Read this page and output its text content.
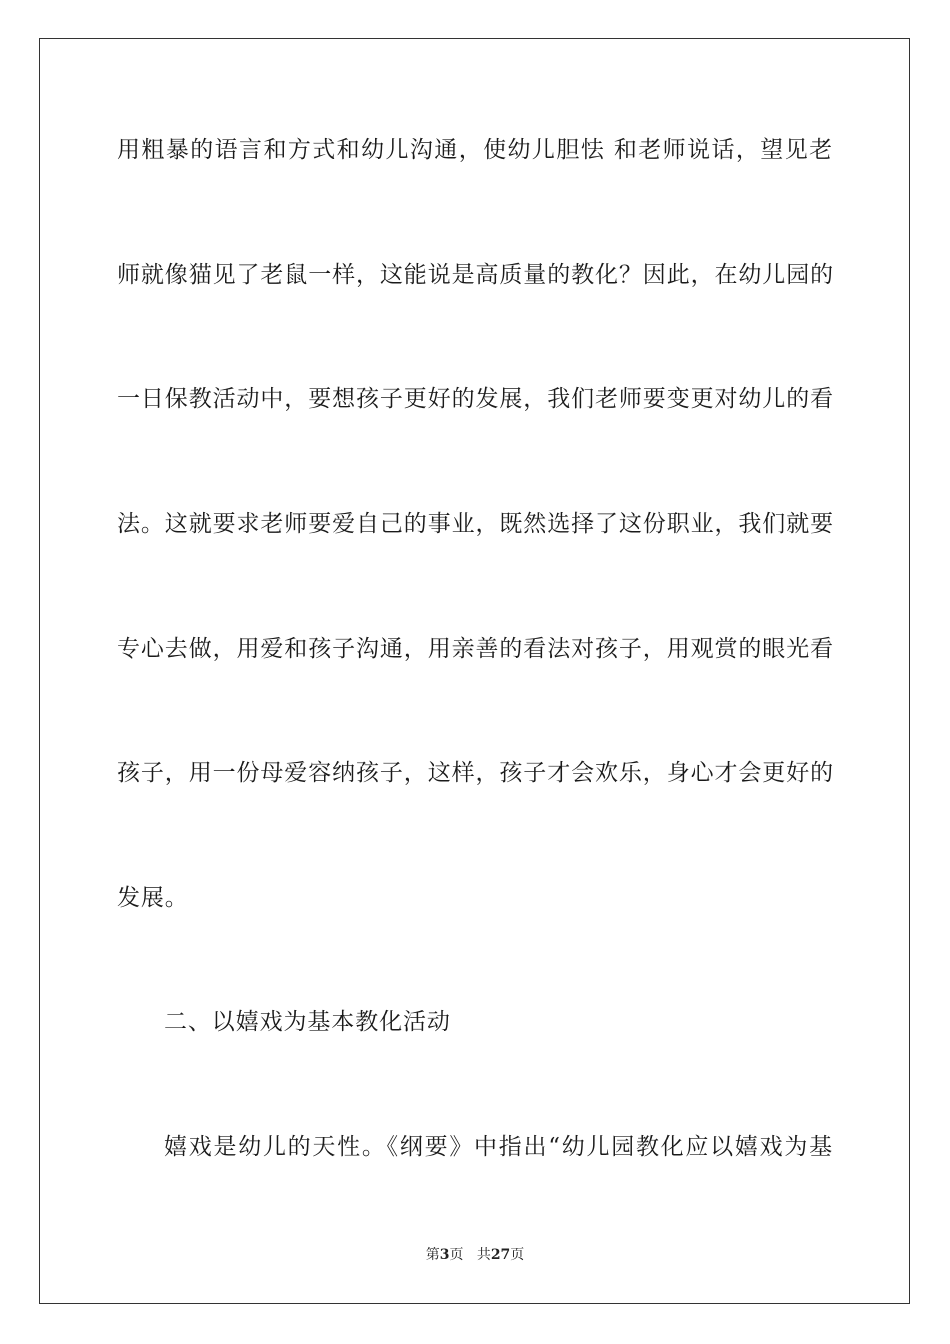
用粗暴的语言和方式和幼儿沟通，使幼儿胆怯 和老师说话，望见老
师就像猫见了老鼠一样，这能说是高质量的教化？因此，在幼儿园的
一日保教活动中，要想孩子更好的发展，我们老师要变更对幼儿的看
法。这就要求老师要爱自己的事业，既然选择了这份职业，我们就要
专心去做，用爱和孩子沟通，用亲善的看法对孩子，用观赏的眼光看
孩子，用一份母爱容纳孩子，这样，孩子才会欢乐，身心才会更好的
发展。
二、以嬉戏为基本教化活动
嬉戏是幼儿的天性。《纲要》中指出“幼儿园教化应以嬉戏为基
第3页 共27页
